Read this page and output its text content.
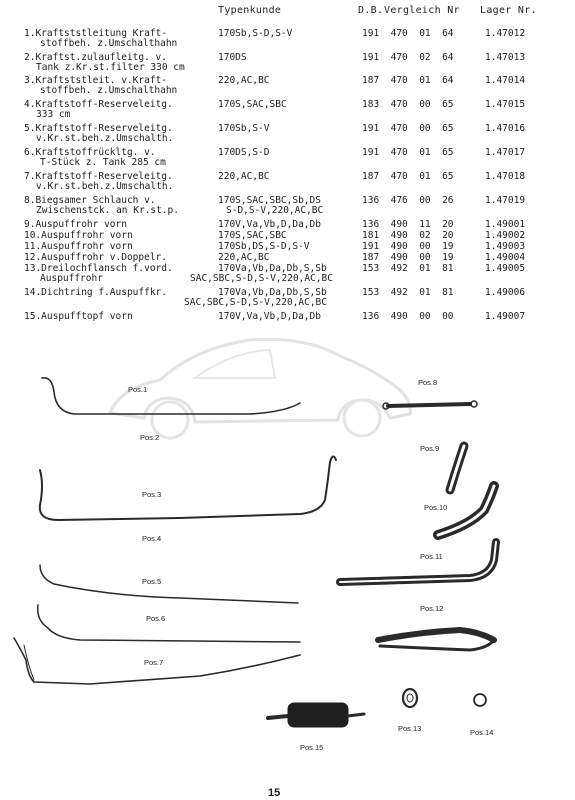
Typenkunde	D.B. Vergleich Nr Lager Nr.
1.Kraftststleitung Kraft-	170Sb,S-D,S-V	191  470  01  64	1.47012
stoffbeh. z.Umschalthahn
2.Kraftst.zulaufleitg. v.	170DS	191  470  02  64	1.47013
Tank z.Kr.st.filter 330 cm
3.Kraftststleit. v.Kraft-	220,AC,BC	187  470  01  64	1.47014
stoffbeh. z.Umschalthahn
4.Kraftstoff-Reserveleitg.	170S,SAC,SBC	183  470  00  65	1.47015
333 cm
5.Kraftstoff-Reserveleitg.	170Sb,S-V	191  470  00  65	1.47016
v.Kr.st.beh.z.Umschalth.
6.Kraftstoffrückltg. v.	170DS,S-D	191  470  01  65	1.47017
T-Stück z. Tank 285 cm
7.Kraftstoff-Reserveleitg.	220,AC,BC	187  470  01  65	1.47018
v.Kr.st.beh.z.Umschalth.
8.Biegsamer Schlauch v.	170S,SAC,SBC,Sb,DS	136  476  00  26	1.47019
Zwischenstck. an Kr.st.p.	S-D,S-V,220,AC,BC
9.Auspuffrohr vorn	170V,Va,Vb,D,Da,Db	136  490  11  20	1.49001
10.Auspuffrohr vorn	170S,SAC,SBC	181  490  02  20	1.49002
11.Auspuffrohr vorn	170Sb,DS,S-D,S-V	191  490  00  19	1.49003
12.Auspuffrohr v.Doppelr.	220,AC,BC	187  490  00  19	1.49004
13.Dreilochflansch f.vord.	170Va,Vb,Da,Db,S,Sb	153  492  01  81	1.49005
Auspuffrohr	SAC,SBC,S-D,S-V,220,AC,BC
14.Dichtring f.Auspuffkr.	170Va,Vb,Da,Db,S,Sb	153  492  01  81	1.49006
SAC,SBC,S-D,S-V,220,AC,BC
15.Auspufftopf vorn	170V,Va,Vb,D,Da,Db	136  490  00  00	1.49007
Pos.1
Pos.2
Pos.3
Pos.4
Pos.5
Pos.6
Pos.7
Pos.8
Pos.9
Pos.10
Pos.11
Pos.12
Pos.13	Pos.14
Pos.15
15
